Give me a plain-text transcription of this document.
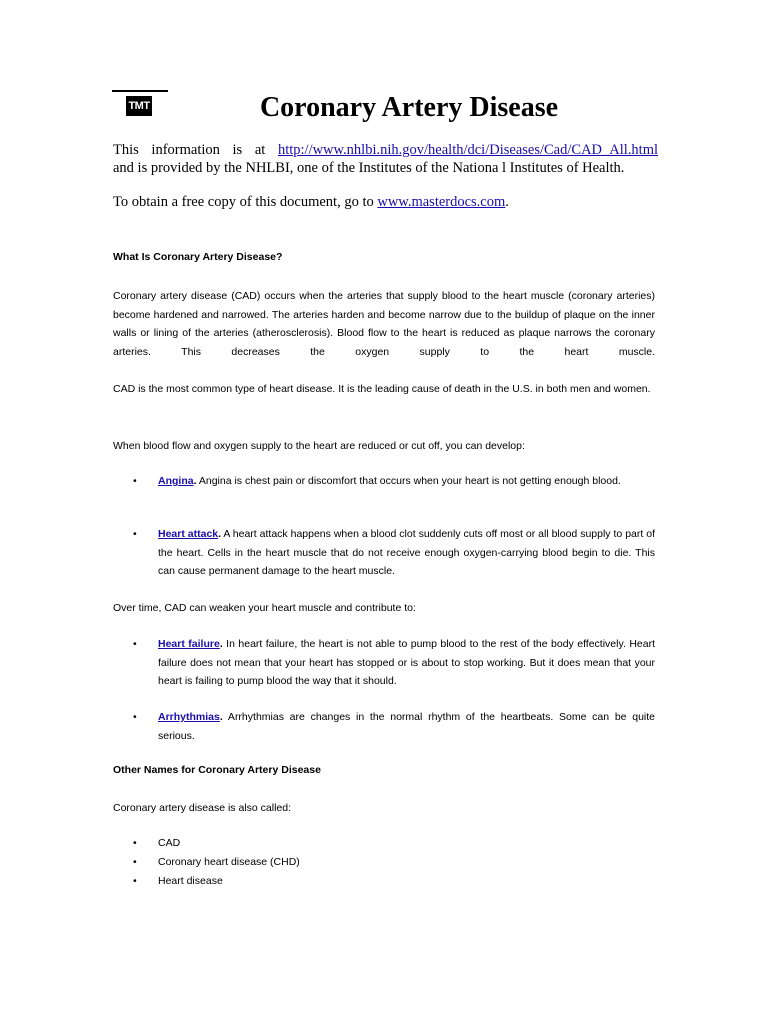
TMT	Coronary Artery Disease
This information is at http://www.nhlbi.nih.gov/health/dci/Diseases/Cad/CAD_All.html
and is provided by the NHLBI, one of the Institutes of the Nationa l Institutes of Health.
To obtain a free copy of this document, go to www.masterdocs.com.
What Is Coronary Artery Disease?
Coronary artery disease (CAD) occurs when the arteries that supply blood to the heart muscle (coronary arteries) become hardened and narrowed. The arteries harden and become narrow due to the buildup of plaque on the inner walls or lining of the arteries (atherosclerosis). Blood flow to the heart is reduced as plaque narrows the coronary arteries. This decreases the oxygen supply to the heart muscle.
CAD is the most common type of heart disease. It is the leading cause of death in the U.S. in both men and women.
When blood flow and oxygen supply to the heart are reduced or cut off, you can develop:
• Angina. Angina is chest pain or discomfort that occurs when your heart is not getting enough blood.
• Heart attack. A heart attack happens when a blood clot suddenly cuts off most or all blood supply to part of the heart. Cells in the heart muscle that do not receive enough oxygen-carrying blood begin to die. This can cause permanent damage to the heart muscle.
Over time, CAD can weaken your heart muscle and contribute to:
• Heart failure. In heart failure, the heart is not able to pump blood to the rest of the body effectively. Heart failure does not mean that your heart has stopped or is about to stop working. But it does mean that your heart is failing to pump blood the way that it should.
• Arrhythmias. Arrhythmias are changes in the normal rhythm of the heartbeats. Some can be quite serious.
Other Names for Coronary Artery Disease
Coronary artery disease is also called:
• CAD
• Coronary heart disease (CHD)
• Heart disease
